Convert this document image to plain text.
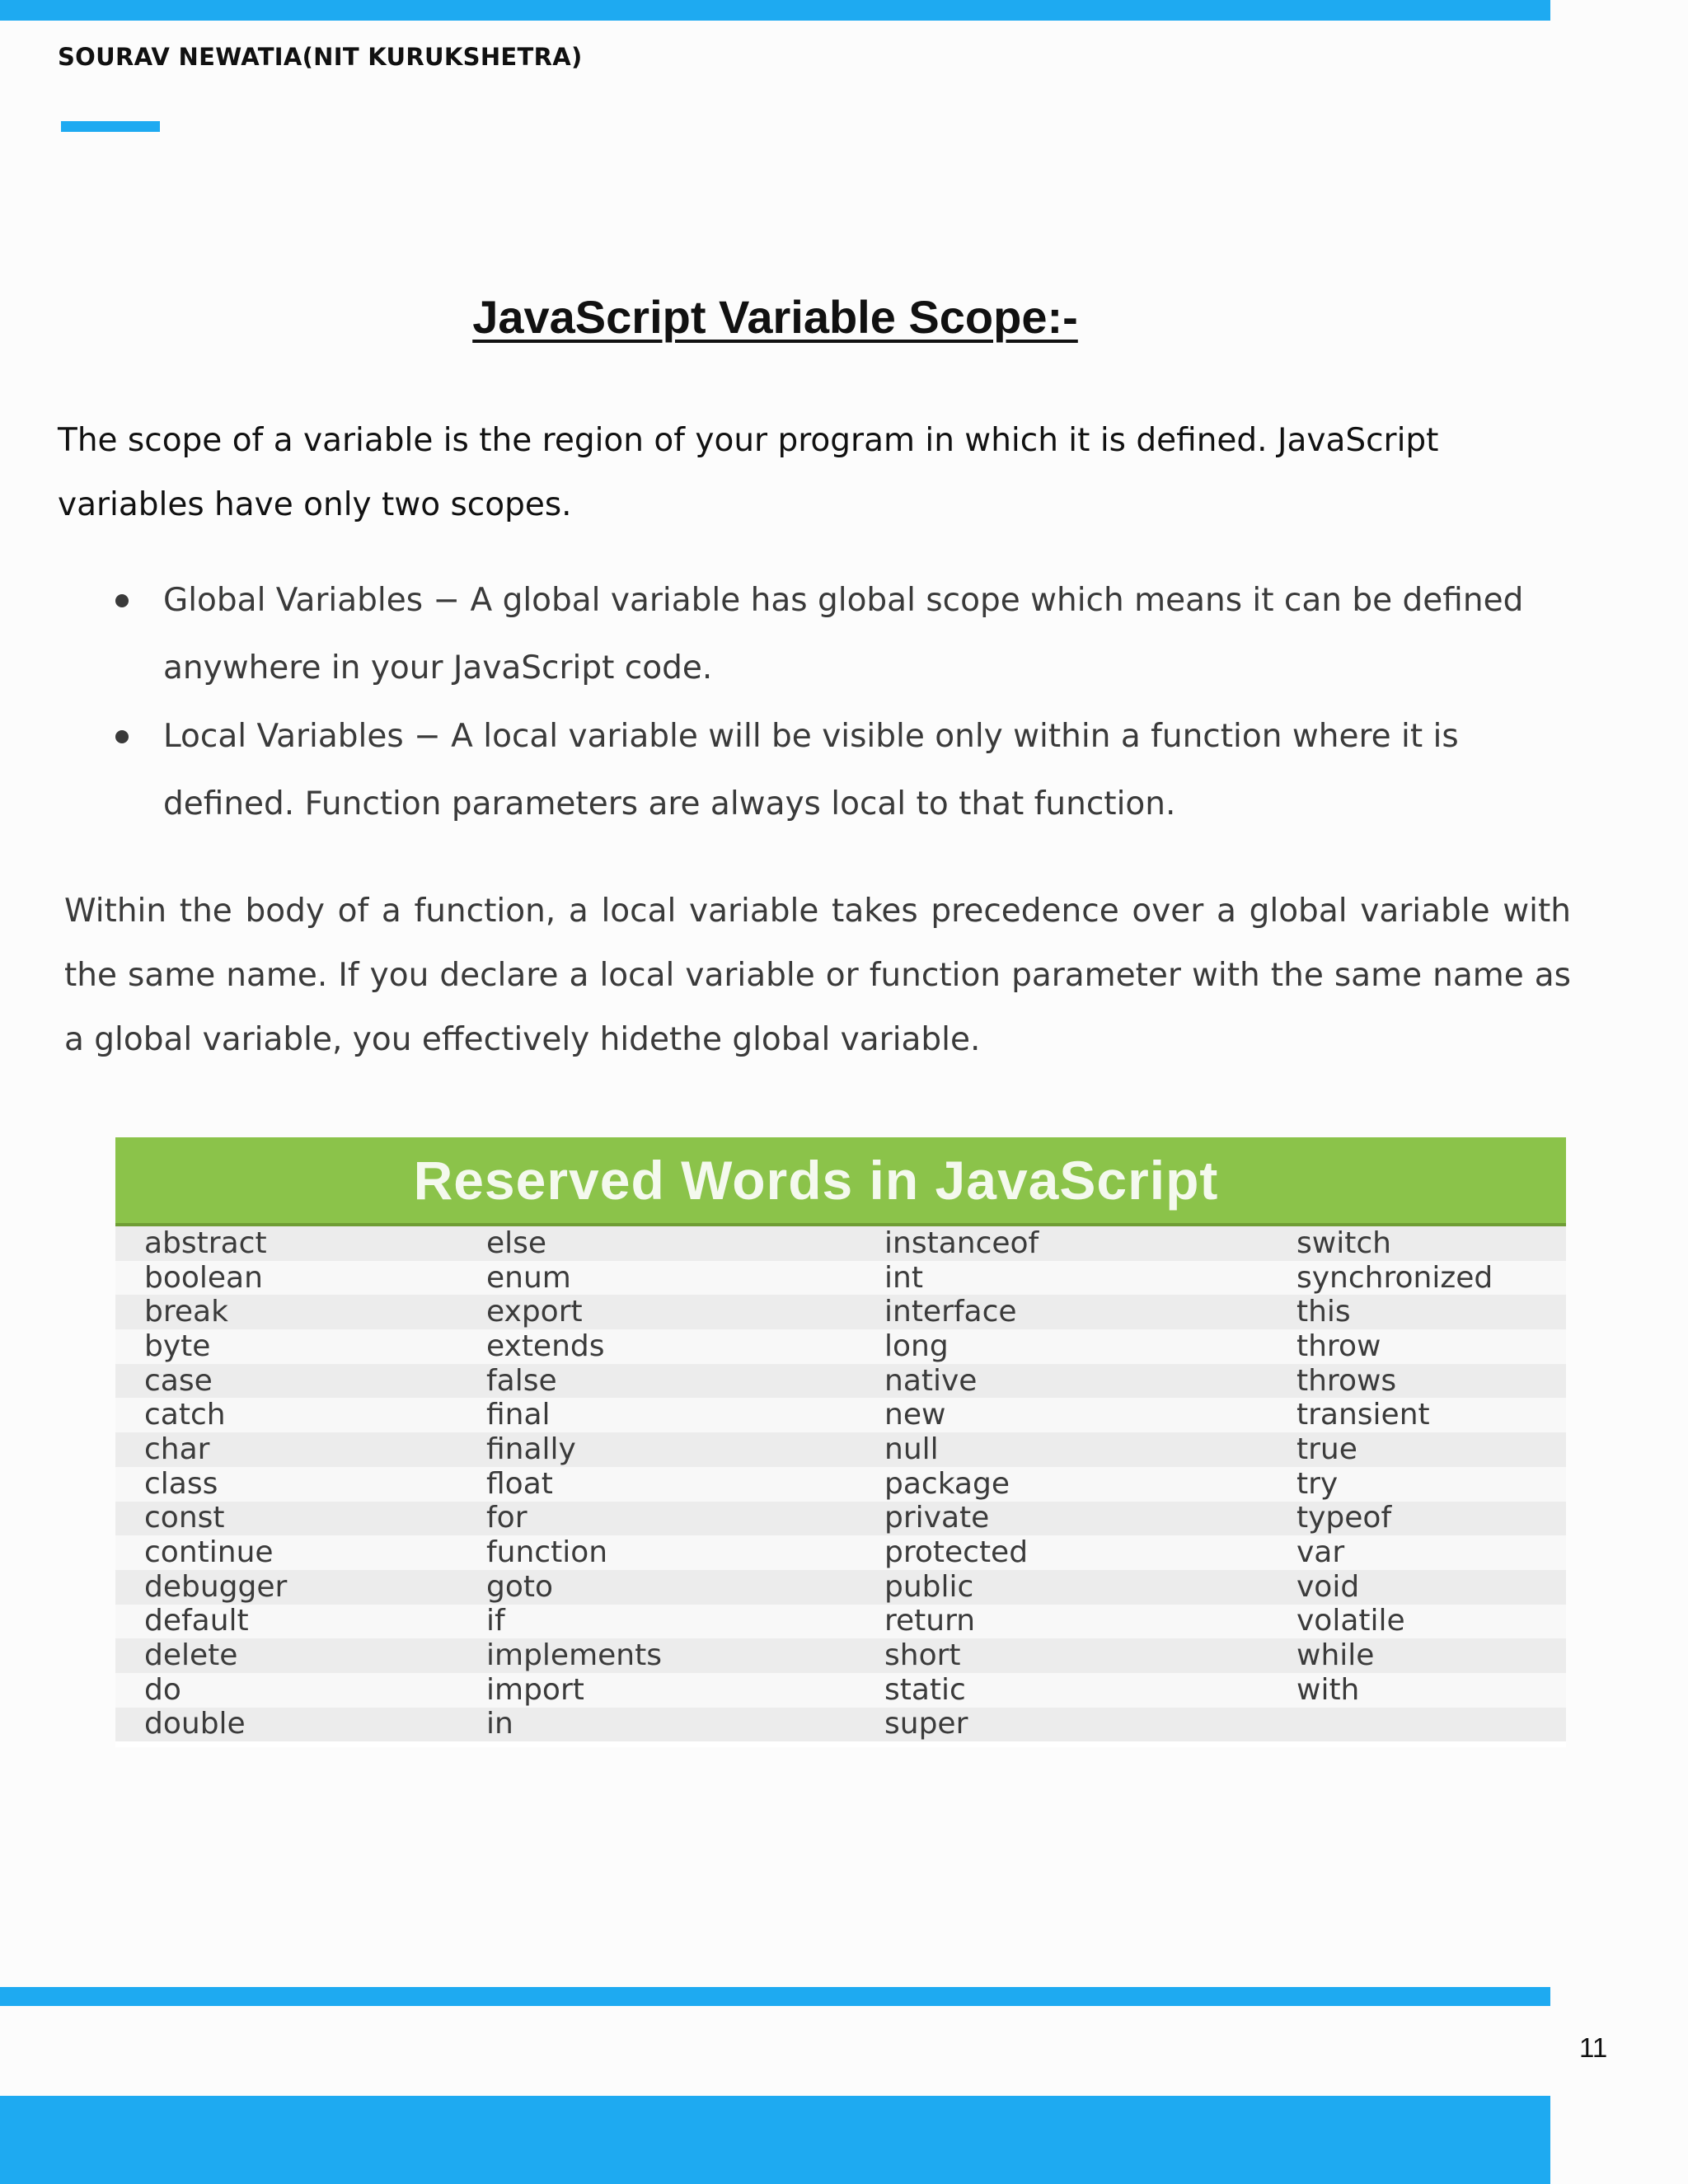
SOURAV NEWATIA(NIT KURUKSHETRA)
JavaScript Variable Scope:-

The scope of a variable is the region of your program in which it is defined. JavaScript variables have only two scopes.

Global Variables − A global variable has global scope which means it can be defined anywhere in your JavaScript code.
Local Variables − A local variable will be visible only within a function where it is defined. Function parameters are always local to that function.

Within the body of a function, a local variable takes precedence over a global variable with the same name. If you declare a local variable or function parameter with the same name as a global variable, you effectively hidethe global variable.

Reserved Words in JavaScript
abstract	else	instanceof	switch
boolean	enum	int	synchronized
break	export	interface	this
byte	extends	long	throw
case	false	native	throws
catch	final	new	transient
char	finally	null	true
class	float	package	try
const	for	private	typeof
continue	function	protected	var
debugger	goto	public	void
default	if	return	volatile
delete	implements	short	while
do	import	static	with
double	in	super
11
